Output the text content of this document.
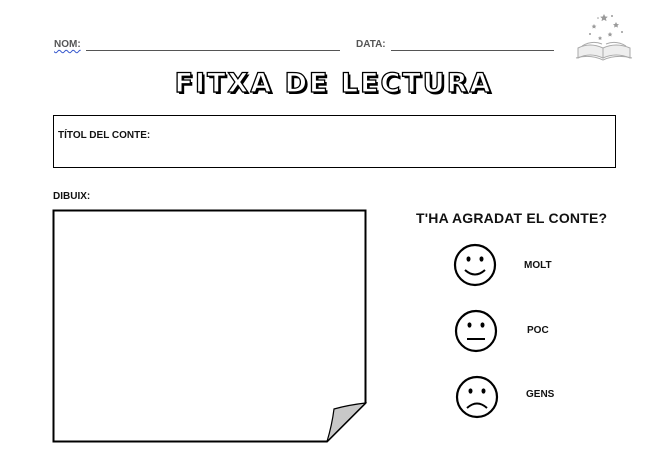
NOM:	DATA:
FITXA DE LECTURA
TÍTOL DEL CONTE:
DIBUIX:
T'HA AGRADAT EL CONTE?
MOLT
POC
GENS
